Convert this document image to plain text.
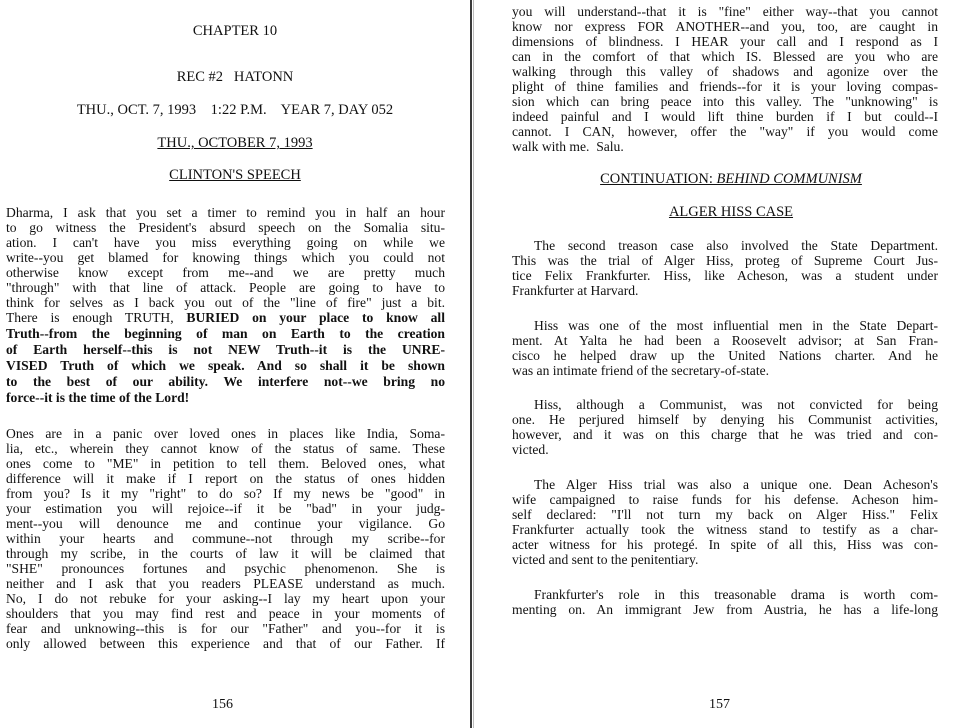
CHAPTER 10
REC #2   HATONN
THU., OCT. 7, 1993    1:22 P.M.    YEAR 7, DAY 052
THU., OCTOBER 7, 1993
CLINTON'S SPEECH
Dharma, I ask that you set a timer to remind you in half an hour
to go witness the President's absurd speech on the Somalia situ-
ation. I can't have you miss everything going on while we
write--you get blamed for knowing things which you could not
otherwise know except from me--and we are pretty much
"through" with that line of attack. People are going to have to
think for selves as I back you out of the "line of fire" just a bit.
There is enough TRUTH, BURIED on your place to know all
Truth--from the beginning of man on Earth to the creation
of Earth herself--this is not NEW Truth--it is the UNRE-
VISED Truth of which we speak. And so shall it be shown
to the best of our ability. We interfere not--we bring no
force--it is the time of the Lord!
Ones are in a panic over loved ones in places like India, Soma-
lia, etc., wherein they cannot know of the status of same. These
ones come to "ME" in petition to tell them. Beloved ones, what
difference will it make if I report on the status of ones hidden
from you? Is it my "right" to do so? If my news be "good" in
your estimation you will rejoice--if it be "bad" in your judg-
ment--you will denounce me and continue your vigilance. Go
within your hearts and commune--not through my scribe--for
through my scribe, in the courts of law it will be claimed that
"SHE" pronounces fortunes and psychic phenomenon. She is
neither and I ask that you readers PLEASE understand as much.
No, I do not rebuke for your asking--I lay my heart upon your
shoulders that you may find rest and peace in your moments of
fear and unknowing--this is for our "Father" and you--for it is
only allowed between this experience and that of our Father. If
156
you will understand--that it is "fine" either way--that you cannot
know nor express FOR ANOTHER--and you, too, are caught in
dimensions of blindness. I HEAR your call and I respond as I
can in the comfort of that which IS. Blessed are you who are
walking through this valley of shadows and agonize over the
plight of thine families and friends--for it is your loving compas-
sion which can bring peace into this valley. The "unknowing" is
indeed painful and I would lift thine burden if I but could--I
cannot. I CAN, however, offer the "way" if you would come
walk with me.  Salu.
CONTINUATION: BEHIND COMMUNISM
ALGER HISS CASE
The second treason case also involved the State Department.
This was the trial of Alger Hiss, proteg of Supreme Court Jus-
tice Felix Frankfurter. Hiss, like Acheson, was a student under
Frankfurter at Harvard.
Hiss was one of the most influential men in the State Depart-
ment. At Yalta he had been a Roosevelt advisor; at San Fran-
cisco he helped draw up the United Nations charter. And he
was an intimate friend of the secretary-of-state.
Hiss, although a Communist, was not convicted for being
one. He perjured himself by denying his Communist activities,
however, and it was on this charge that he was tried and con-
victed.
The Alger Hiss trial was also a unique one. Dean Acheson's
wife campaigned to raise funds for his defense. Acheson him-
self declared: "I'll not turn my back on Alger Hiss." Felix
Frankfurter actually took the witness stand to testify as a char-
acter witness for his protegé. In spite of all this, Hiss was con-
victed and sent to the penitentiary.
Frankfurter's role in this treasonable drama is worth com-
menting on. An immigrant Jew from Austria, he has a life-long
157
